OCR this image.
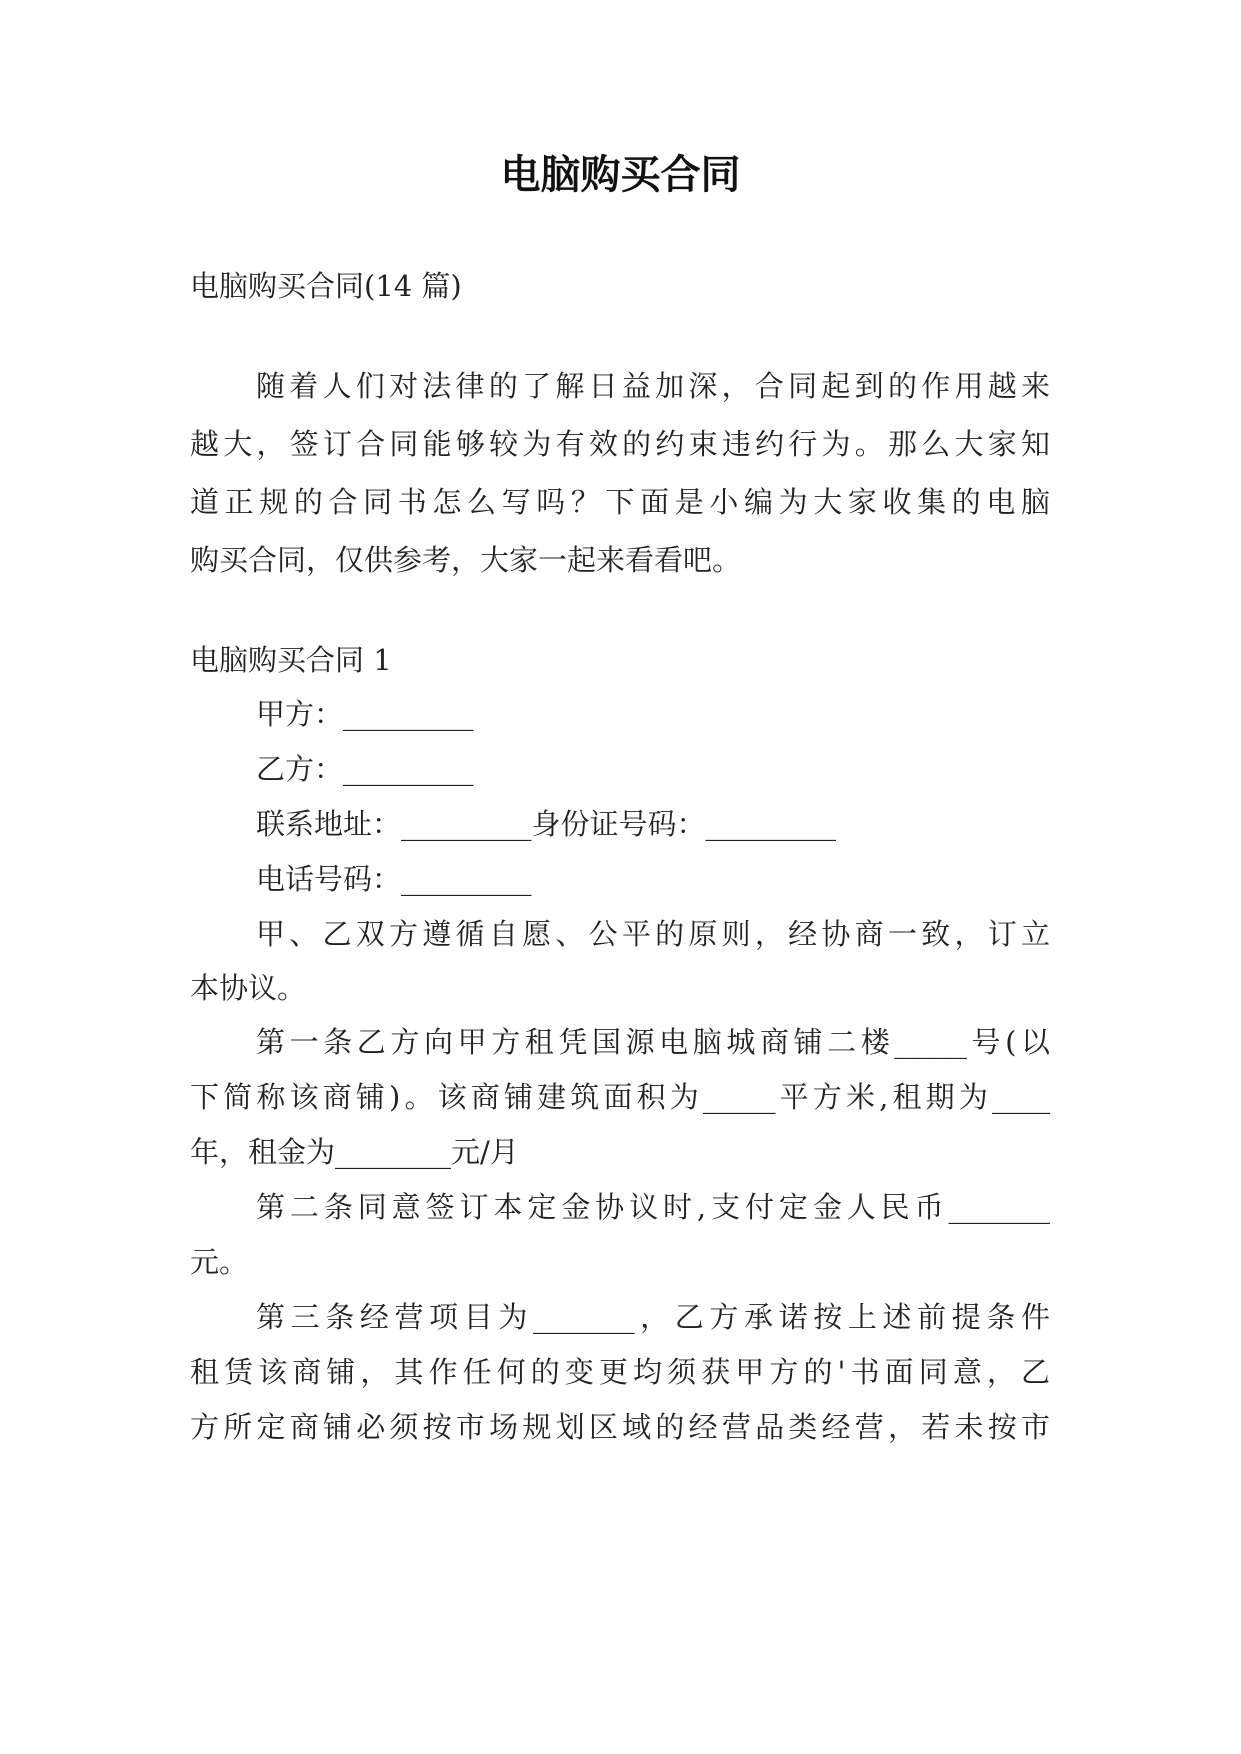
电脑购买合同
电脑购买合同(14 篇)
随着人们对法律的了解日益加深，合同起到的作用越来
越大，签订合同能够较为有效的约束违约行为。那么大家知
道正规的合同书怎么写吗？下面是小编为大家收集的电脑
购买合同，仅供参考，大家一起来看看吧。
电脑购买合同 1
甲方：_________
乙方：_________
联系地址：_________身份证号码：_________
电话号码：_________
甲、乙双方遵循自愿、公平的原则，经协商一致，订立
本协议。
第一条乙方向甲方租凭国源电脑城商铺二楼_____号(以
下简称该商铺)。该商铺建筑面积为_____平方米,租期为____
年，租金为________元/月
第二条同意签订本定金协议时,支付定金人民币_______
元。
第三条经营项目为_______，乙方承诺按上述前提条件
租赁该商铺，其作任何的变更均须获甲方的'书面同意，乙
方所定商铺必须按市场规划区域的经营品类经营，若未按市
